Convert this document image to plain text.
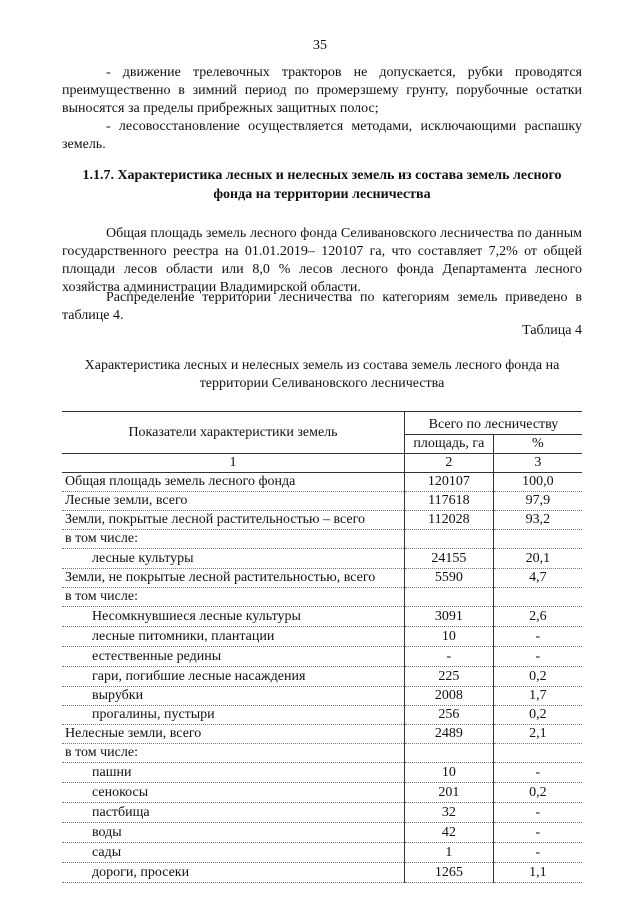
35
- движение трелевочных тракторов не допускается, рубки проводятся преимущественно в зимний период по промерзшему грунту, порубочные остатки выносятся за пределы прибрежных защитных полос;
- лесовосстановление осуществляется методами, исключающими распашку земель.
1.1.7. Характеристика лесных и нелесных земель из состава земель лесного фонда на территории лесничества
Общая площадь земель лесного фонда Селивановского лесничества по данным государственного реестра на 01.01.2019– 120107 га, что составляет 7,2% от общей площади лесов области или 8,0 % лесов лесного фонда Департамента лесного хозяйства администрации Владимирской области.
Распределение территории лесничества по категориям земель приведено в таблице 4.
Таблица 4
Характеристика лесных и нелесных земель из состава земель лесного фонда на территории Селивановского лесничества
Показатели характеристики земель	Всего по лесничеству	
	площадь, га	%
1	2	3
Общая площадь земель лесного фонда	120107	100,0
Лесные земли, всего	117618	97,9
Земли, покрытые лесной растительностью – всего	112028	93,2
в том числе:		
лесные культуры	24155	20,1
Земли, не покрытые лесной растительностью, всего	5590	4,7
в том числе:		
Несомкнувшиеся лесные культуры	3091	2,6
лесные питомники, плантации	10	-
естественные редины	-	-
гари, погибшие лесные насаждения	225	0,2
вырубки	2008	1,7
прогалины, пустыри	256	0,2
Нелесные земли, всего	2489	2,1
в том числе:		
пашни	10	-
сенокосы	201	0,2
пастбища	32	-
воды	42	-
сады	1	-
дороги, просеки	1265	1,1
